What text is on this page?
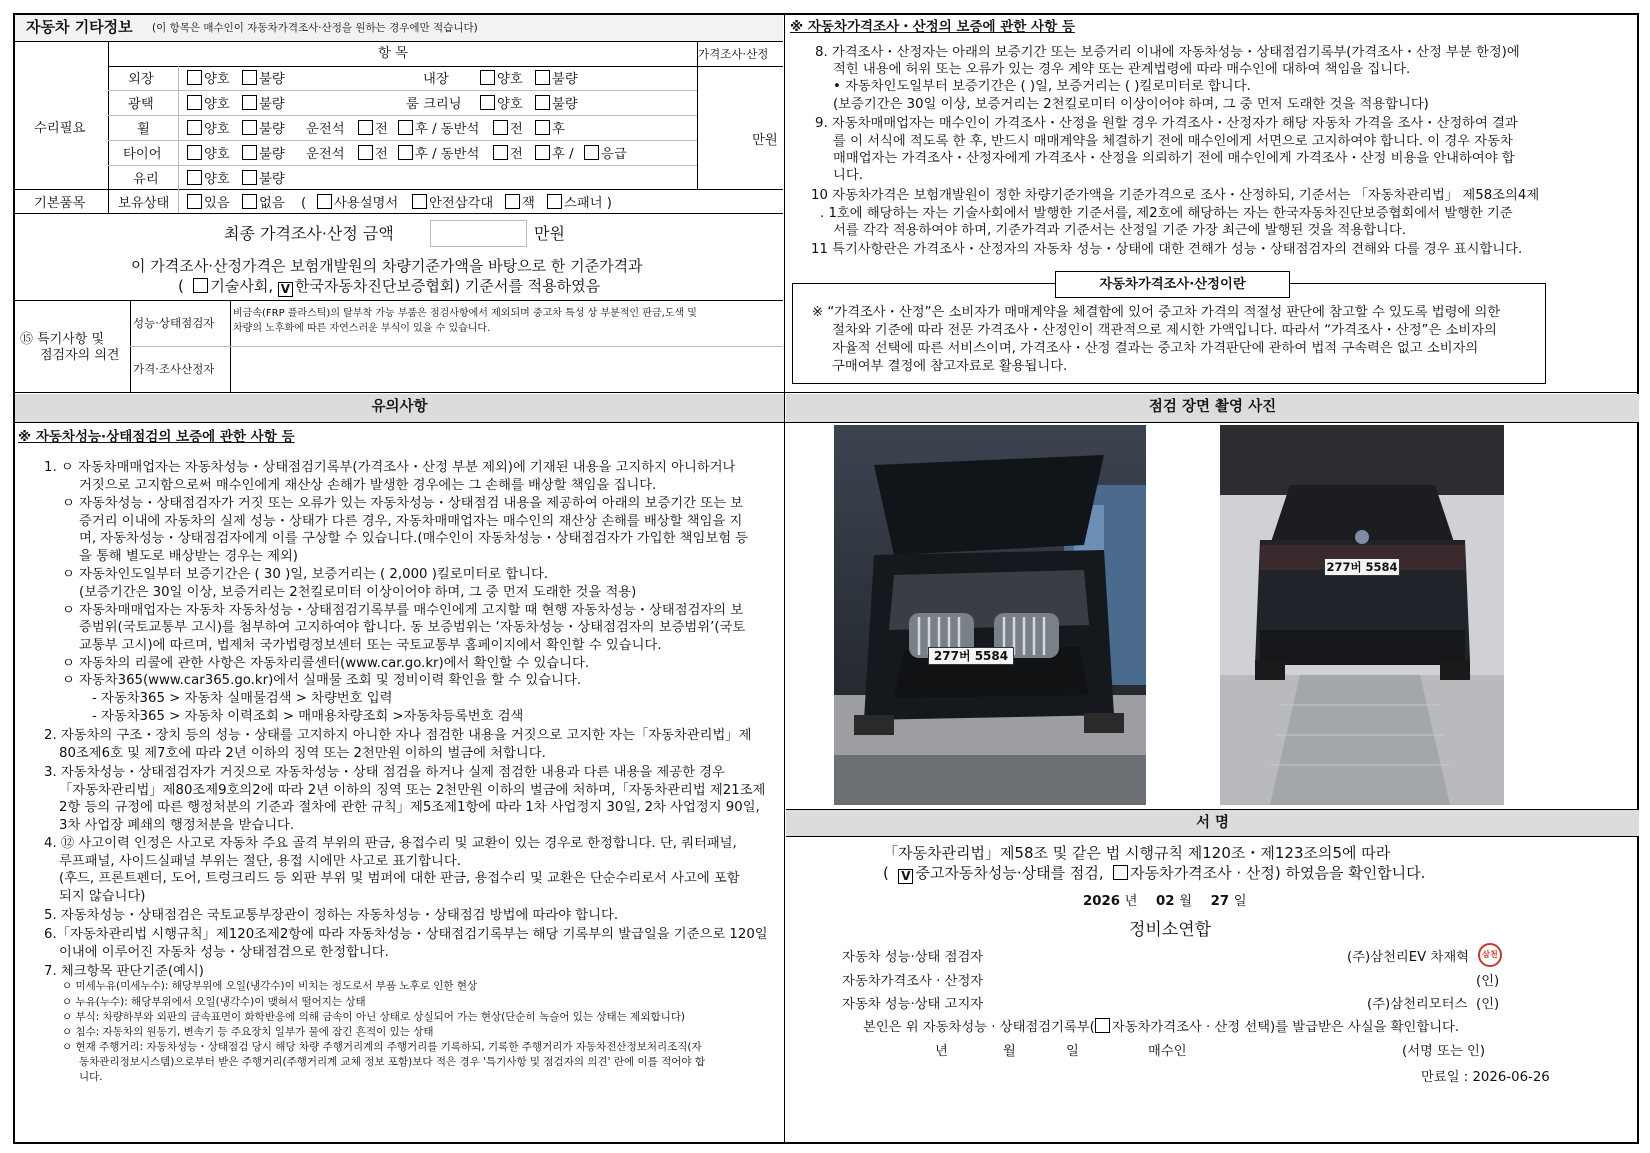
자동차 기타정보 (이 항목은 매수인이 자동차가격조사·산정을 원하는 경우에만 적습니다)
항 목	가격조사·산정
만원
수리필요
외장	양호	불량	내장	양호	불량
광택	양호	불량	룸 크리닝	양호	불량
휠	양호	불량 운전석	전	후 / 동반석	전	후
타이어	양호	불량 운전석	전	후 / 동반석	전	후 /	응급
유리	양호	불량
기본품목 보유상태	있음	없음 (	사용설명서	안전삼각대	잭	스패너 )
최종 가격조사·산정 금액	만원
이 가격조사·산정가격은 보험개발원의 차량기준가액을 바탕으로 한 기준가격과
( 기술사회, V 한국자동차진단보증협회) 기준서를 적용하였음
⑮ 특기사항 및
점검자의 의견
성능·상태점검자
비금속(FRP 플라스틱)의 탈부착 가능 부품은 점검사항에서 제외되며 중고차 특성 상 부분적인 판금,도색 및
차량의 노후화에 따른 자연스러운 부식이 있을 수 있습니다.
가격·조사산정자
※ 자동차가격조사・산정의 보증에 관한 사항 등
8. 가격조사・산정자는 아래의 보증기간 또는 보증거리 이내에 자동차성능・상태점검기록부(가격조사・산정 부분 한정)에
적힌 내용에 허위 또는 오류가 있는 경우 계약 또는 관계법령에 따라 매수인에 대하여 책임을 집니다.
• 자동차인도일부터 보증기간은 ( )일, 보증거리는 ( )킬로미터로 합니다.
(보증기간은 30일 이상, 보증거리는 2천킬로미터 이상이어야 하며, 그 중 먼저 도래한 것을 적용합니다)
9. 자동차매매업자는 매수인이 가격조사・산정을 원할 경우 가격조사・산정자가 해당 자동차 가격을 조사・산정하여 결과
를 이 서식에 적도록 한 후, 반드시 매매계약을 체결하기 전에 매수인에게 서면으로 고지하여야 합니다. 이 경우 자동차
매매업자는 가격조사・산정자에게 가격조사・산정을 의뢰하기 전에 매수인에게 가격조사・산정 비용을 안내하여야 합
니다.
10 자동차가격은 보험개발원이 정한 차량기준가액을 기준가격으로 조사・산정하되, 기준서는 「자동차관리법」 제58조의4제
. 1호에 해당하는 자는 기술사회에서 발행한 기준서를, 제2호에 해당하는 자는 한국자동차진단보증협회에서 발행한 기준
서를 각각 적용하여야 하며, 기준가격과 기준서는 산정일 기준 가장 최근에 발행된 것을 적용합니다.
11 특기사항란은 가격조사・산정자의 자동차 성능・상태에 대한 견해가 성능・상태점검자의 견해와 다를 경우 표시합니다.
자동차가격조사·산정이란
※ “가격조사・산정”은 소비자가 매매계약을 체결함에 있어 중고차 가격의 적절성 판단에 참고할 수 있도록 법령에 의한
절차와 기준에 따라 전문 가격조사・산정인이 객관적으로 제시한 가액입니다. 따라서 “가격조사・산정”은 소비자의
자율적 선택에 따른 서비스이며, 가격조사・산정 결과는 중고차 가격판단에 관하여 법적 구속력은 없고 소비자의
구매여부 결정에 참고자료로 활용됩니다.
유의사항	점검 장면 촬영 사진
※ 자동차성능·상태점검의 보증에 관한 사항 등
1. ㅇ 자동차매매업자는 자동차성능・상태점검기록부(가격조사・산정 부분 제외)에 기재된 내용을 고지하지 아니하거나
거짓으로 고지함으로써 매수인에게 재산상 손해가 발생한 경우에는 그 손해를 배상할 책임을 집니다.
ㅇ 자동차성능・상태점검자가 거짓 또는 오류가 있는 자동차성능・상태점검 내용을 제공하여 아래의 보증기간 또는 보
증거리 이내에 자동차의 실제 성능・상태가 다른 경우, 자동차매매업자는 매수인의 재산상 손해를 배상할 책임을 지
며, 자동차성능・상태점검자에게 이를 구상할 수 있습니다.(매수인이 자동차성능・상태점검자가 가입한 책임보험 등
을 통해 별도로 배상받는 경우는 제외)
ㅇ 자동차인도일부터 보증기간은 ( 30 )일, 보증거리는 ( 2,000 )킬로미터로 합니다.
(보증기간은 30일 이상, 보증거리는 2천킬로미터 이상이어야 하며, 그 중 먼저 도래한 것을 적용)
ㅇ 자동차매매업자는 자동차 자동차성능・상태점검기록부를 매수인에게 고지할 때 현행 자동차성능・상태점검자의 보
증범위(국토교통부 고시)를 첨부하여 고지하여야 합니다. 동 보증범위는 ‘자동차성능・상태점검자의 보증범위’(국토
교통부 고시)에 따르며, 법제처 국가법령정보센터 또는 국토교통부 홈페이지에서 확인할 수 있습니다.
ㅇ 자동차의 리콜에 관한 사항은 자동차리콜센터(www.car.go.kr)에서 확인할 수 있습니다.
ㅇ 자동차365(www.car365.go.kr)에서 실매물 조회 및 정비이력 확인을 할 수 있습니다.
- 자동차365 > 자동차 실매물검색 > 차량번호 입력
- 자동차365 > 자동차 이력조회 > 매매용차량조회 >자동차등록번호 검색
2. 자동차의 구조・장치 등의 성능・상태를 고지하지 아니한 자나 점검한 내용을 거짓으로 고지한 자는「자동차관리법」제
80조제6호 및 제7호에 따라 2년 이하의 징역 또는 2천만원 이하의 벌금에 처합니다.
3. 자동차성능・상태점검자가 거짓으로 자동차성능・상태 점검을 하거나 실제 점검한 내용과 다른 내용을 제공한 경우
「자동차관리법」제80조제9호의2에 따라 2년 이하의 징역 또는 2천만원 이하의 벌금에 처하며,「자동차관리법 제21조제
2항 등의 규정에 따른 행정처분의 기준과 절차에 관한 규칙」제5조제1항에 따라 1차 사업정지 30일, 2차 사업정지 90일,
3차 사업장 폐쇄의 행정처분을 받습니다.
4. ⑫ 사고이력 인정은 사고로 자동차 주요 골격 부위의 판금, 용접수리 및 교환이 있는 경우로 한정합니다. 단, 쿼터패널,
루프패널, 사이드실패널 부위는 절단, 용접 시에만 사고로 표기합니다.
(후드, 프론트펜더, 도어, 트렁크리드 등 외판 부위 및 범퍼에 대한 판금, 용접수리 및 교환은 단순수리로서 사고에 포함
되지 않습니다)
5. 자동차성능・상태점검은 국토교통부장관이 정하는 자동차성능・상태점검 방법에 따라야 합니다.
6.「자동차관리법 시행규칙」제120조제2항에 따라 자동차성능・상태점검기록부는 해당 기록부의 발급일을 기준으로 120일
이내에 이루어진 자동차 성능・상태점검으로 한정합니다.
7. 체크항목 판단기준(예시)
ㅇ 미세누유(미세누수): 해당부위에 오일(냉각수)이 비치는 정도로서 부품 노후로 인한 현상
ㅇ 누유(누수): 해당부위에서 오일(냉각수)이 맺혀서 떨어지는 상태
ㅇ 부식: 차량하부와 외판의 금속표면이 화학반응에 의해 금속이 아닌 상태로 상실되어 가는 현상(단순히 녹슬어 있는 상태는 제외합니다)
ㅇ 침수: 자동차의 원동기, 변속기 등 주요장치 일부가 물에 잠긴 흔적이 있는 상태
ㅇ 현재 주행거리: 자동차성능・상태점검 당시 해당 차량 주행거리계의 주행거리를 기록하되, 기록한 주행거리가 자동차전산정보처리조직(자
동차관리정보시스템)으로부터 받은 주행거리(주행거리계 교체 정보 포함)보다 적은 경우 '특기사항 및 점검자의 의견' 란에 이를 적어야 합
니다.
277버 5584
277버 5584
서 명
「자동차관리법」제58조 및 같은 법 시행규칙 제120조・제123조의5에 따라
( V 중고자동차성능·상태를 점검, 자동차가격조사 · 산정) 하였음을 확인합니다.
2026 년 02 월 27 일
정비소연합
자동차 성능·상태 점검자	(주)삼천리EV 차재혁	삼천
자동차가격조사 · 산정자	(인)
자동차 성능·상태 고지자	(주)삼천리모터스 (인)
본인은 위 자동차성능 · 상태점검기록부( 자동차가격조사 · 산정 선택)를 발급받은 사실을 확인합니다.
년	월	일	매수인	(서명 또는 인)
만료일 : 2026-06-26
